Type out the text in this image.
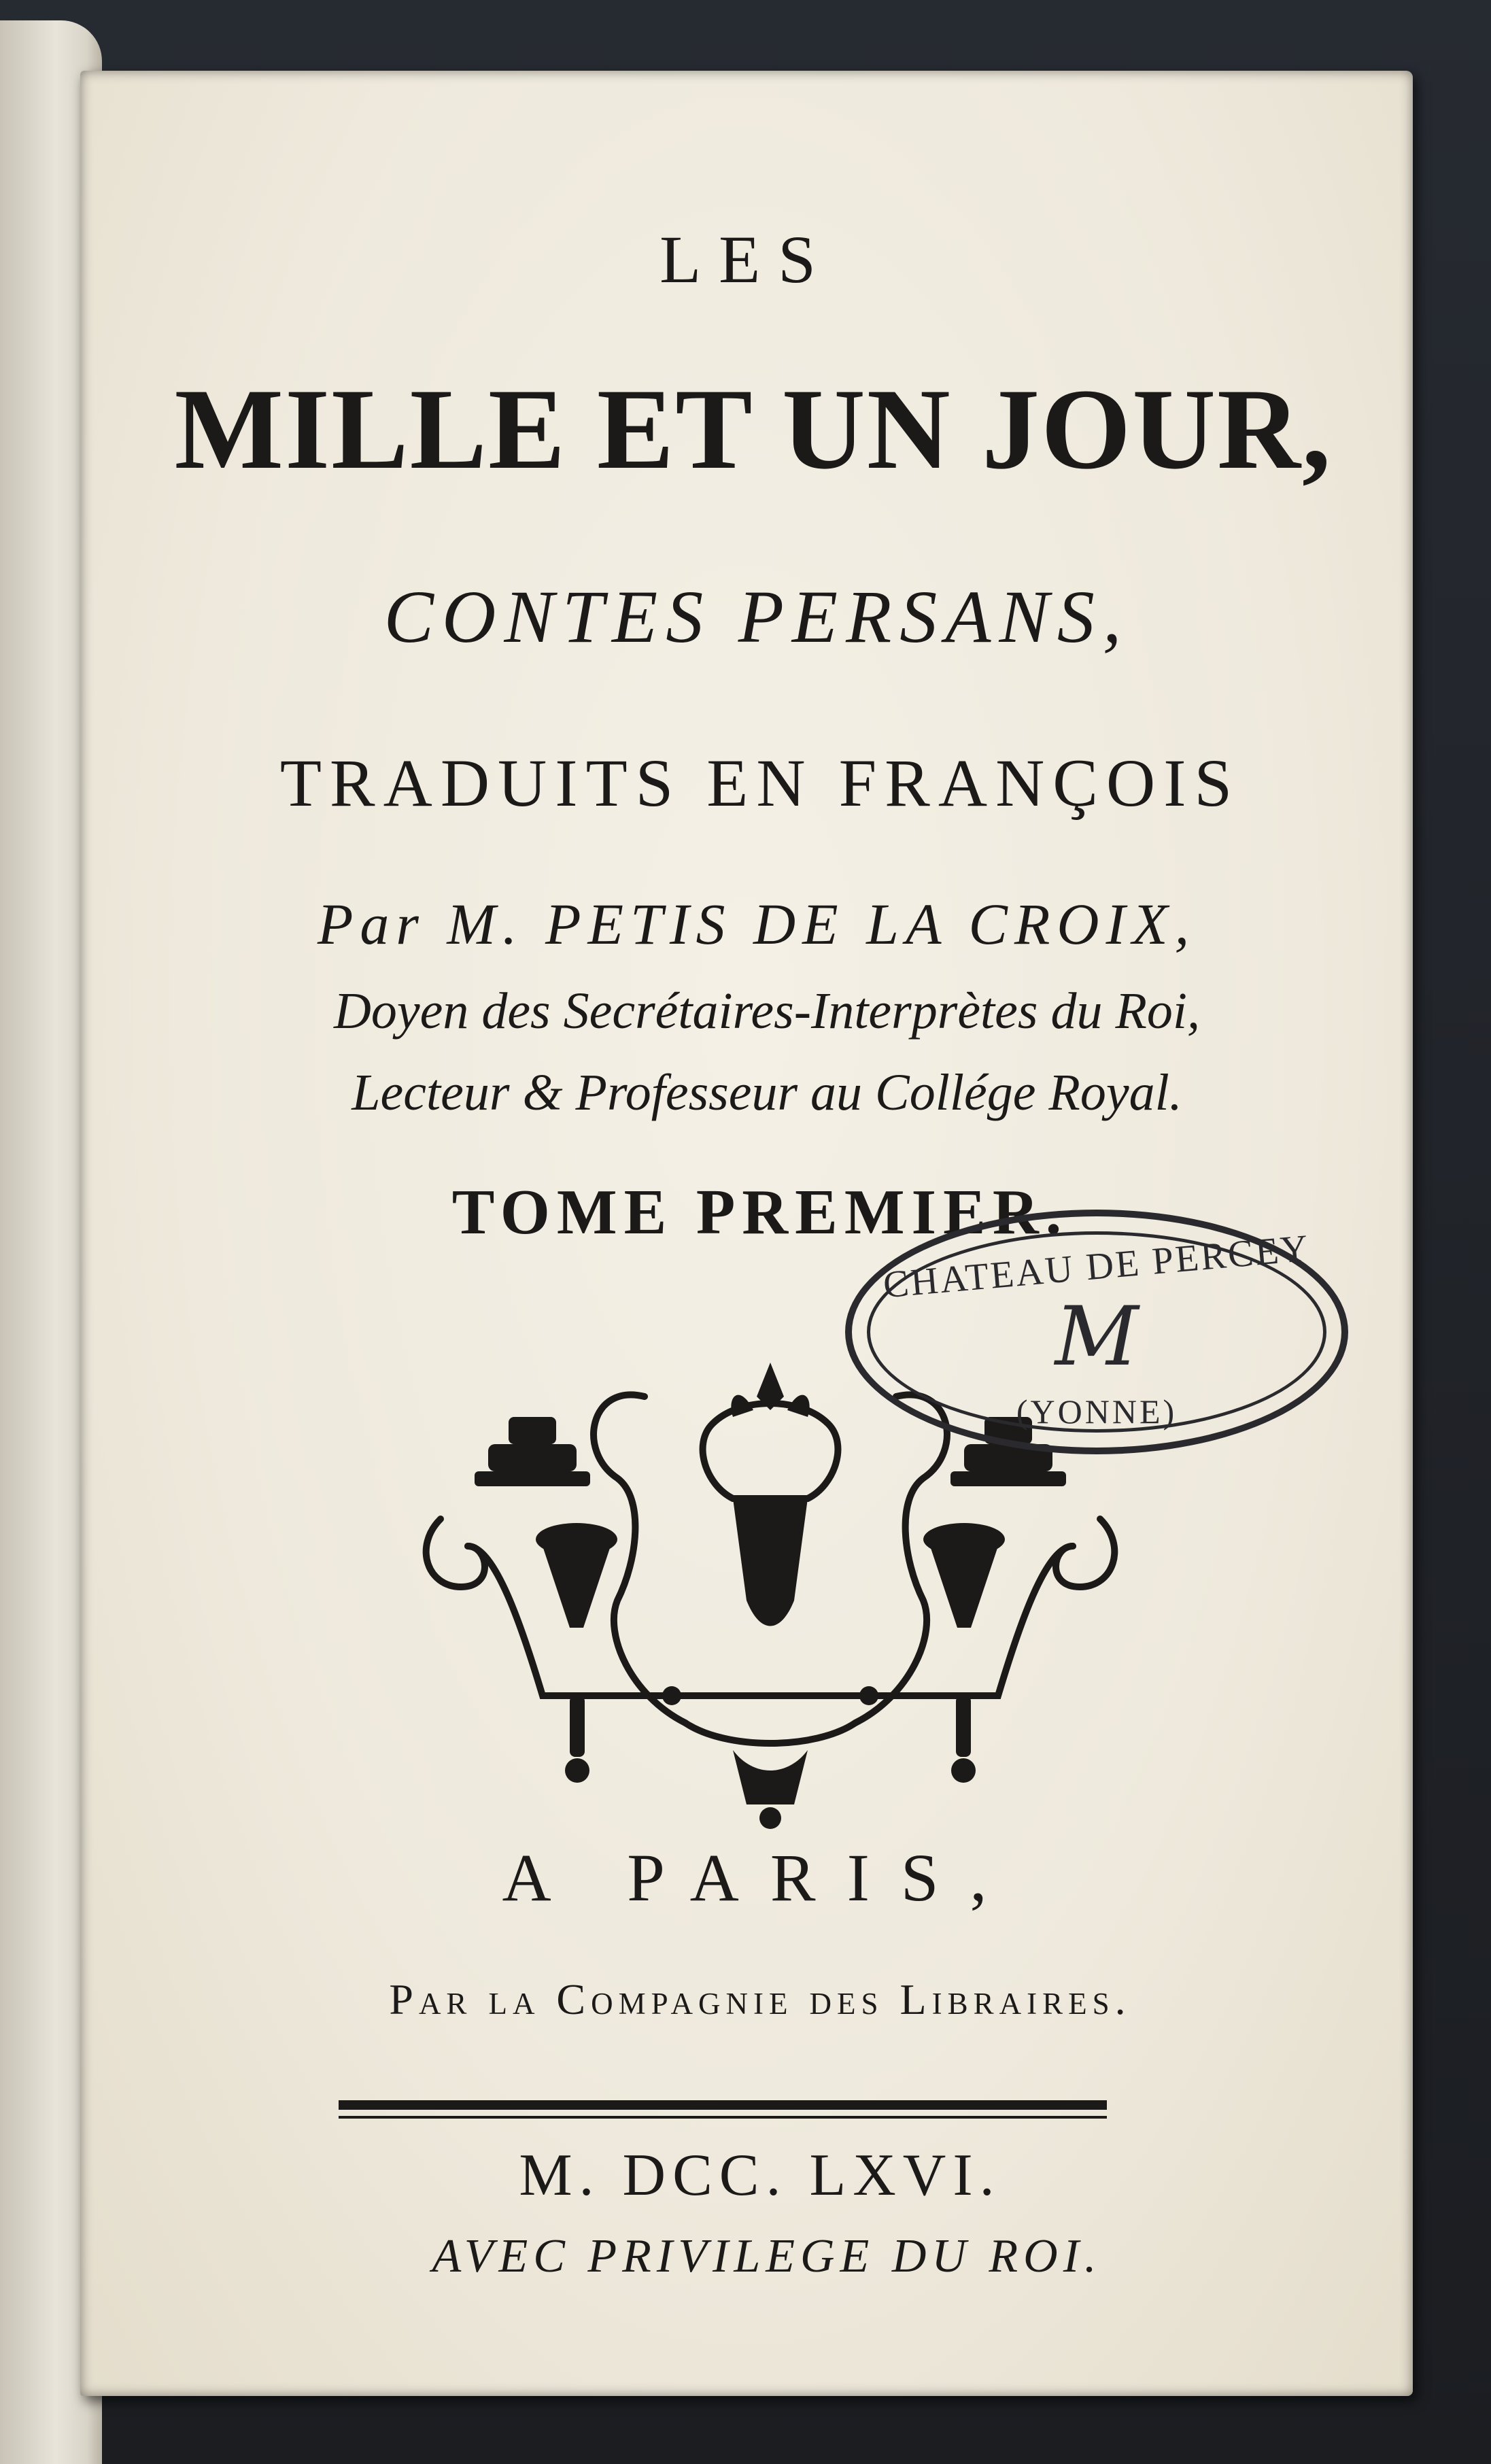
LES

MILLE ET UN JOUR,

CONTES PERSANS,

TRADUITS EN FRANÇOIS

Par M. PETIS DE LA CROIX,

Doyen des Secrétaires-Interprètes du Roi,

Lecteur & Professeur au Collége Royal.

TOME PREMIER.

CHATEAU DE PERCEY
M
(YONNE)

A PARIS,

Par la Compagnie des Libraires.

M. DCC. LXVI.

AVEC PRIVILEGE DU ROI.
